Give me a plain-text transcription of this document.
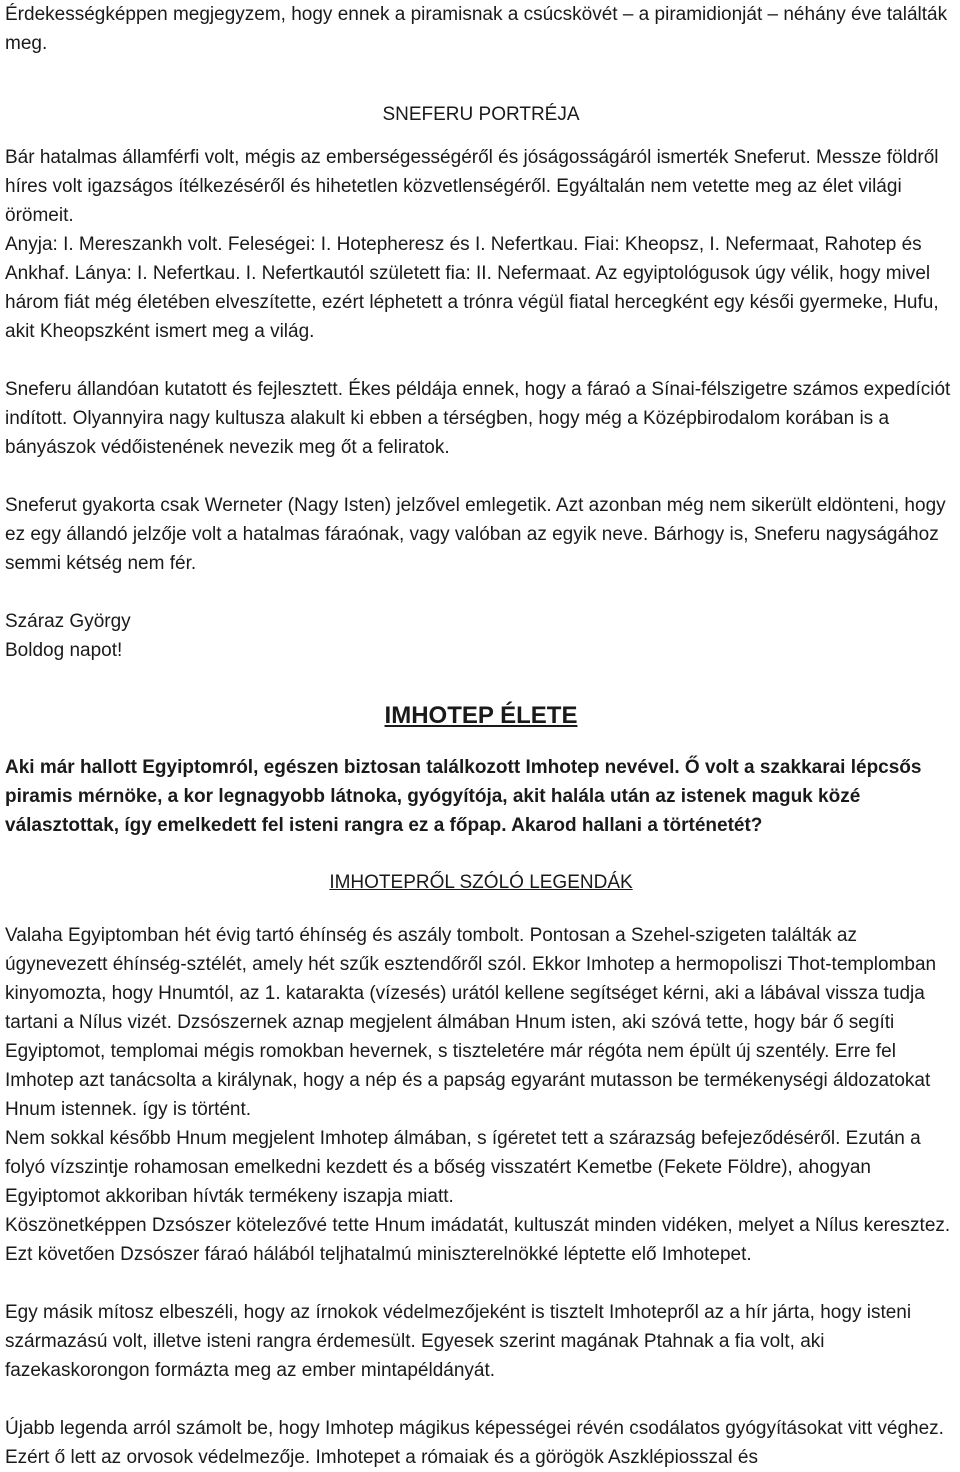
Érdekességképpen megjegyzem, hogy ennek a piramisnak a csúcskövét – a piramidionját – néhány éve találták meg.

SNEFERU PORTRÉJA

Bár hatalmas államférfi volt, mégis az emberségességéről és jóságosságáról ismerték Sneferut. Messze földről híres volt igazságos ítélkezéséről és hihetetlen közvetlenségéről. Egyáltalán nem vetette meg az élet világi örömeit.

Anyja: I. Mereszankh volt. Feleségei: I. Hotepheresz és I. Nefertkau. Fiai: Kheopsz, I. Nefermaat, Rahotep és Ankhaf. Lánya: I. Nefertkau. I. Nefertkautól született fia: II. Nefermaat. Az egyiptológusok úgy vélik, hogy mivel három fiát még életében elveszítette, ezért léphetett a trónra végül fiatal hercegként egy késői gyermeke, Hufu, akit Kheopszként ismert meg a világ.

Sneferu állandóan kutatott és fejlesztett. Ékes példája ennek, hogy a fáraó a Sínai-félszigetre számos expedíciót indított. Olyannyira nagy kultusza alakult ki ebben a térségben, hogy még a Középbirodalom korában is a bányászok védőistenének nevezik meg őt a feliratok.

Sneferut gyakorta csak Werneter (Nagy Isten) jelzővel emlegetik. Azt azonban még nem sikerült eldönteni, hogy ez egy állandó jelzője volt a hatalmas fáraónak, vagy valóban az egyik neve. Bárhogy is, Sneferu nagyságához semmi kétség nem fér.

Száraz György

Boldog napot!

IMHOTEP ÉLETE

Aki már hallott Egyiptomról, egészen biztosan találkozott Imhotep nevével. Ő volt a szakkarai lépcsős piramis mérnöke, a kor legnagyobb látnoka, gyógyítója, akit halála után az istenek maguk közé választottak, így emelkedett fel isteni rangra ez a főpap. Akarod hallani a történetét?

IMHOTEPRŐL SZÓLÓ LEGENDÁK

Valaha Egyiptomban hét évig tartó éhínség és aszály tombolt. Pontosan a Szehel-szigeten találták az úgynevezett éhínség-sztélét, amely hét szűk esztendőről szól. Ekkor Imhotep a hermopoliszi Thot-templomban kinyomozta, hogy Hnumtól, az 1. katarakta (vízesés) urától kellene segítséget kérni, aki a lábával vissza tudja tartani a Nílus vizét. Dzsószernek aznap megjelent álmában Hnum isten, aki szóvá tette, hogy bár ő segíti Egyiptomot, templomai mégis romokban hevernek, s tiszteletére már régóta nem épült új szentély. Erre fel Imhotep azt tanácsolta a királynak, hogy a nép és a papság egyaránt mutasson be termékenységi áldozatokat Hnum istennek. így is történt.

Nem sokkal később Hnum megjelent Imhotep álmában, s ígéretet tett a szárazság befejeződéséről. Ezután a folyó vízszintje rohamosan emelkedni kezdett és a bőség visszatért Kemetbe (Fekete Földre), ahogyan Egyiptomot akkoriban hívták termékeny iszapja miatt.

Köszönetképpen Dzsószer kötelezővé tette Hnum imádatát, kultuszát minden vidéken, melyet a Nílus keresztez. Ezt követően Dzsószer fáraó hálából teljhatalmú miniszterelnökké léptette elő Imhotepet.

Egy másik mítosz elbeszéli, hogy az írnokok védelmezőjeként is tisztelt Imhotepről az a hír járta, hogy isteni származású volt, illetve isteni rangra érdemesült. Egyesek szerint magának Ptahnak a fia volt, aki fazekaskorongon formázta meg az ember mintapéldányát.

Újabb legenda arról számolt be, hogy Imhotep mágikus képességei révén csodálatos gyógyításokat vitt véghez. Ezért ő lett az orvosok védelmezője. Imhotepet a rómaiak és a görögök Aszklépiosszal és
